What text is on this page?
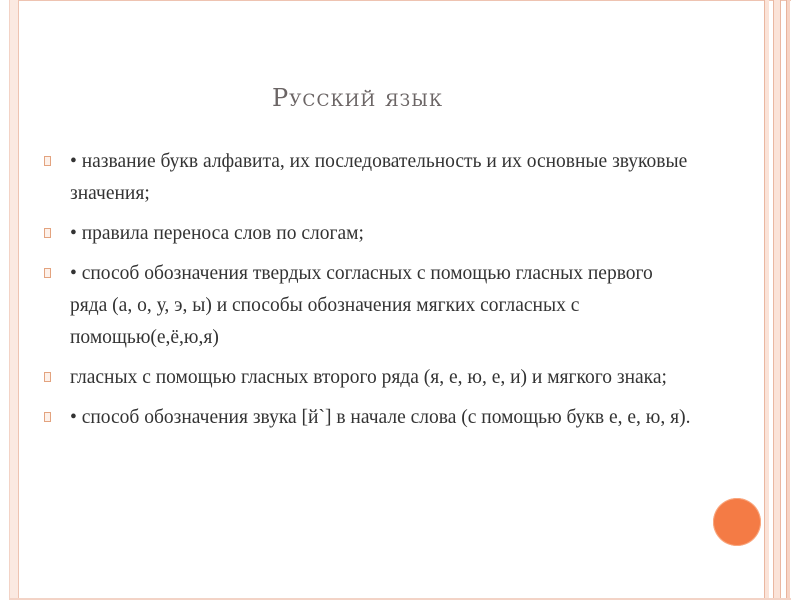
Русский язык
• название букв алфавита, их последовательность и их основные звуковые значения;
• правила переноса слов по слогам;
• способ обозначения твердых согласных с помощью гласных первого ряда (а, о, у, э, ы) и способы обозначения мягких согласных с помощью(е,ё,ю,я)
гласных с помощью гласных второго ряда (я, е, ю, е, и) и мягкого знака;
• способ обозначения звука [й`] в начале слова (с помощью букв е, е, ю, я).
